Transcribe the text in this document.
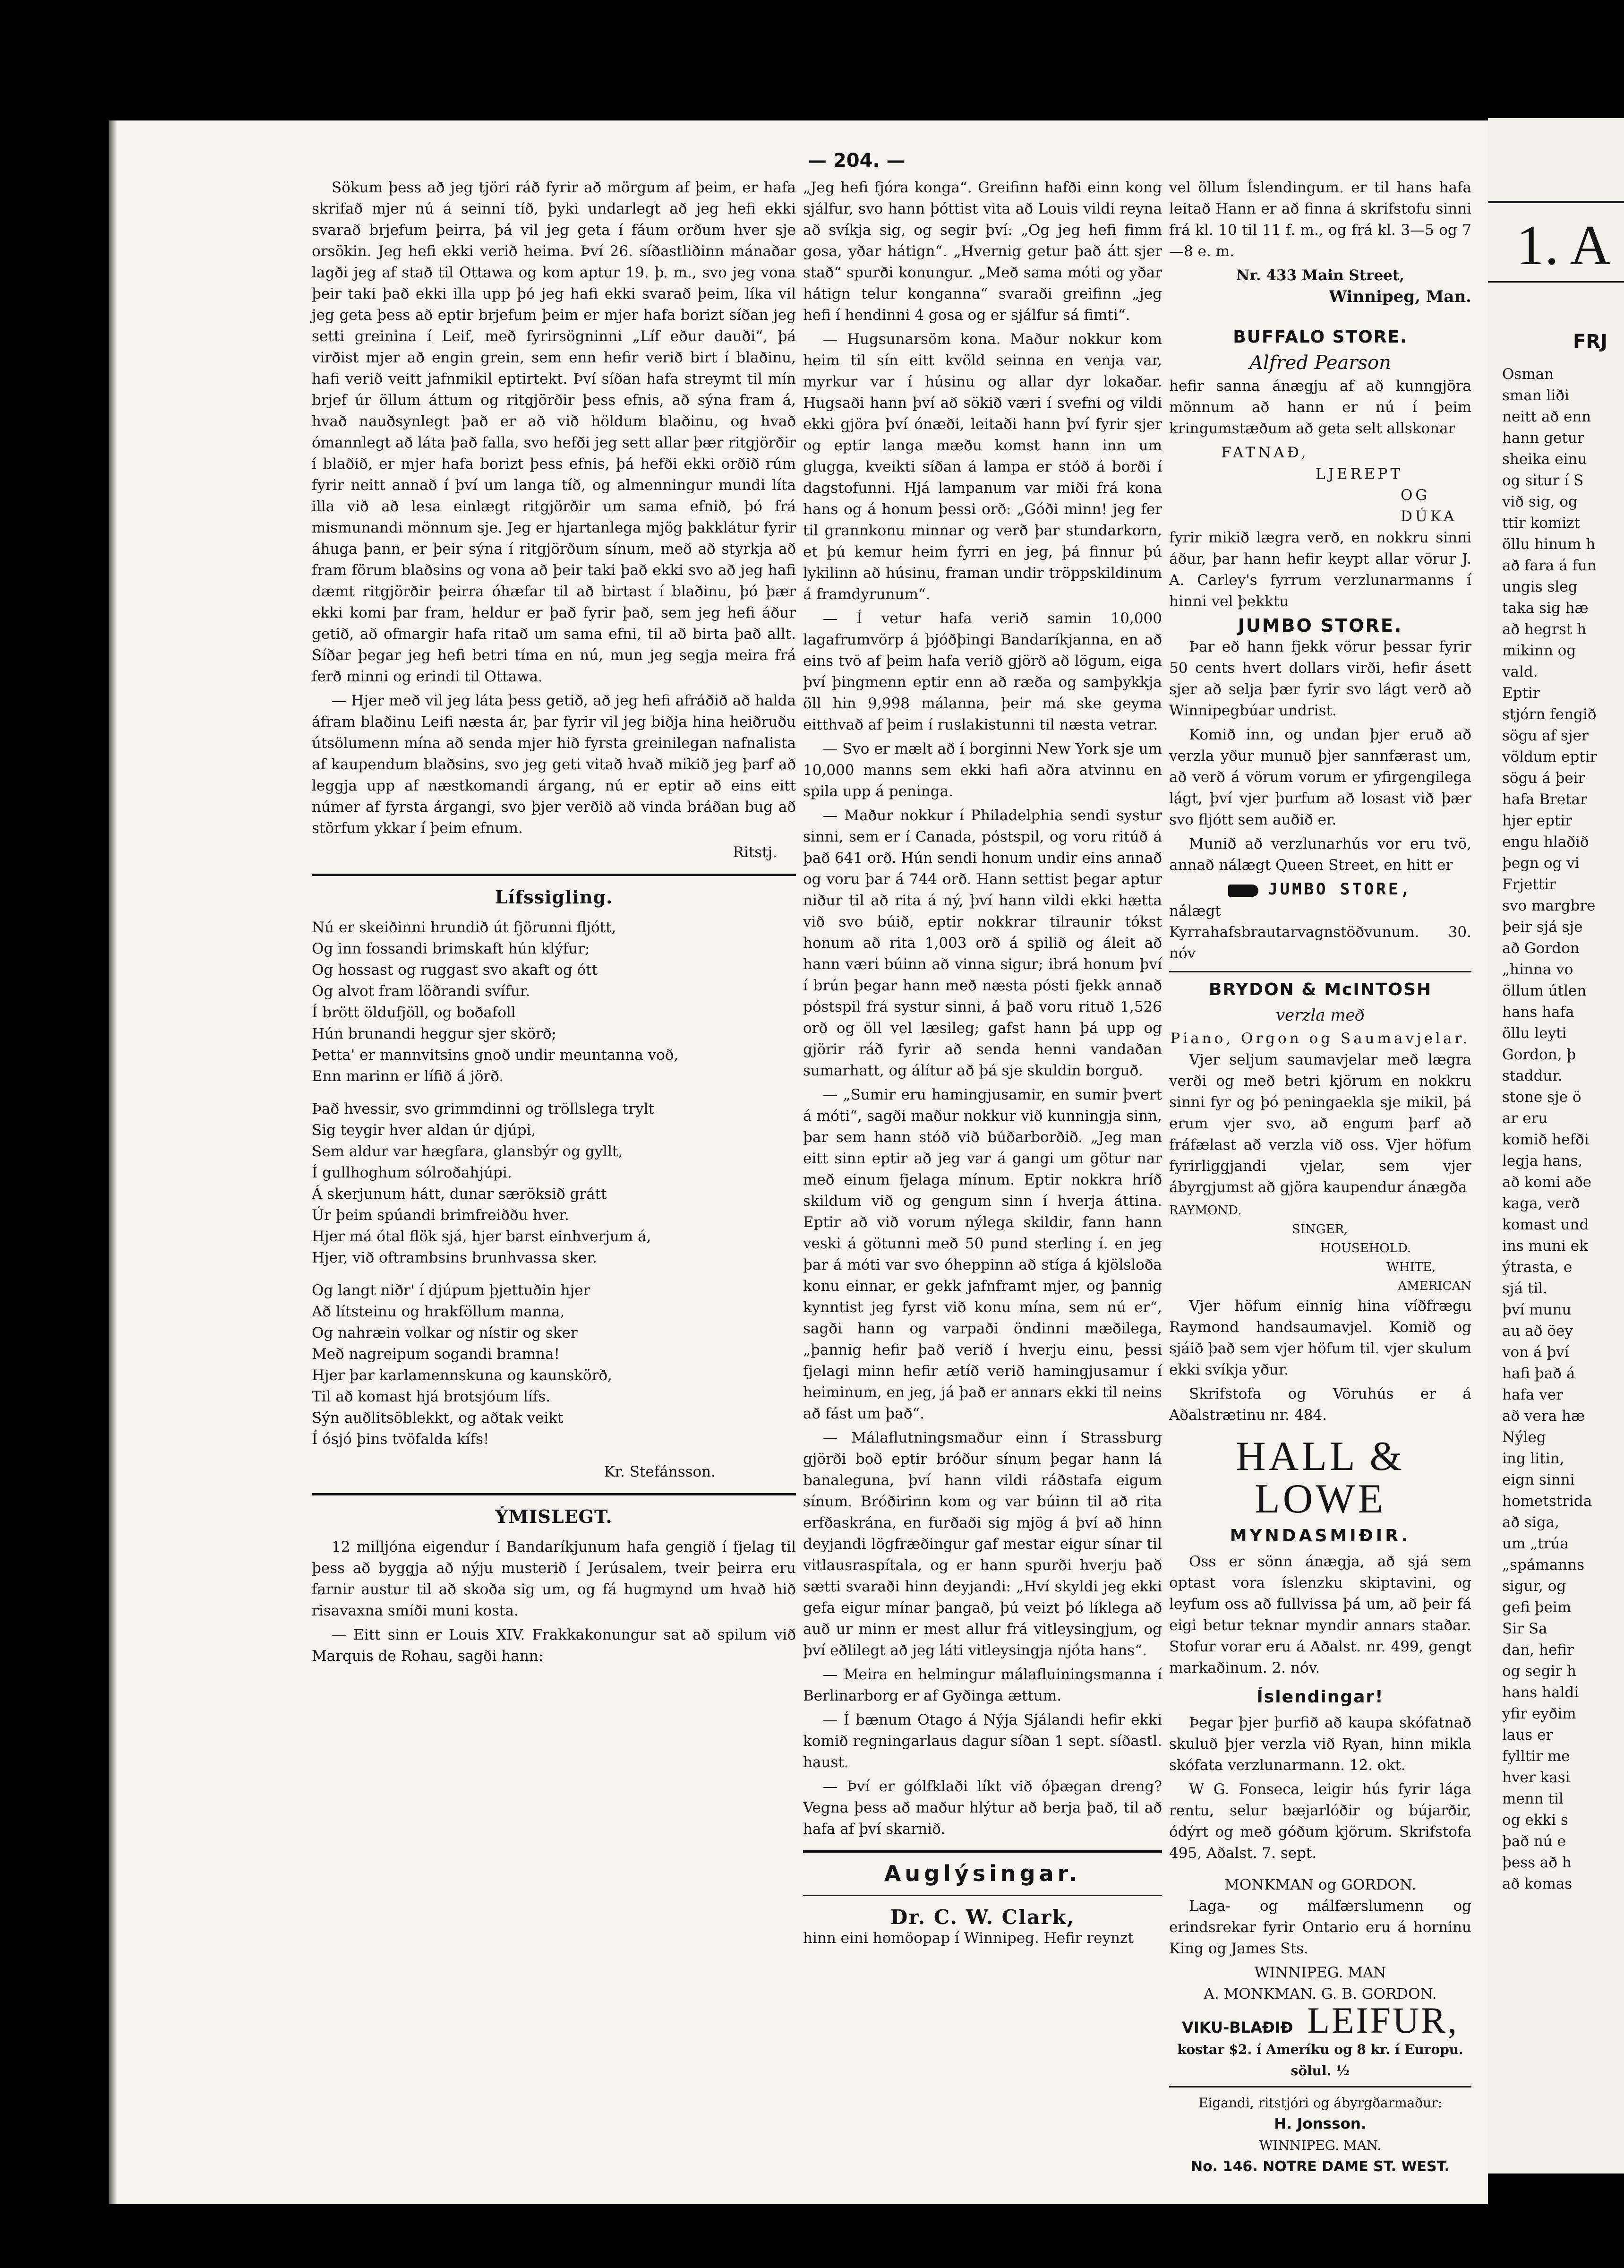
— 204. —

Sökum þess að jeg tjöri ráð fyrir að mörgum af þeim, er hafa skrifað mjer nú á seinni tíð, þyki undarlegt að jeg hefi ekki svarað brjefum þeirra, þá vil jeg geta í fáum orðum hver sje orsökin. Jeg hefi ekki verið heima. Því 26. síðastliðinn mánaðar lagði jeg af stað til Ottawa og kom aptur 19. þ. m., svo jeg vona þeir taki það ekki illa upp þó jeg hafi ekki svarað þeim, líka vil jeg geta þess að eptir brjefum þeim er mjer hafa borizt síðan jeg setti greinina í Leif, með fyrirsögninni „Líf eður dauði“, þá virðist mjer að engin grein, sem enn hefir verið birt í blaðinu, hafi verið veitt jafnmikil eptirtekt. Því síðan hafa streymt til mín brjef úr öllum áttum og ritgjörðir þess efnis, að sýna fram á, hvað nauðsynlegt það er að við höldum blaðinu, og hvað ómannlegt að láta það falla, svo hefði jeg sett allar þær ritgjörðir í blaðið, er mjer hafa borizt þess efnis, þá hefði ekki orðið rúm fyrir neitt annað í því um langa tíð, og almenningur mundi líta illa við að lesa einlægt ritgjörðir um sama efnið, þó frá mismunandi mönnum sje. Jeg er hjartanlega mjög þakklátur fyrir áhuga þann, er þeir sýna í ritgjörðum sínum, með að styrkja að fram förum blaðsins og vona að þeir taki það ekki svo að jeg hafi dæmt ritgjörðir þeirra óhæfar til að birtast í blaðinu, þó þær ekki komi þar fram, heldur er það fyrir það, sem jeg hefi áður getið, að ofmargir hafa ritað um sama efni, til að birta það allt. Síðar þegar jeg hefi betri tíma en nú, mun jeg segja meira frá ferð minni og erindi til Ottawa.

— Hjer með vil jeg láta þess getið, að jeg hefi afráðið að halda áfram blaðinu Leifi næsta ár, þar fyrir vil jeg biðja hina heiðruðu útsölumenn mína að senda mjer hið fyrsta greinilegan nafnalista af kaupendum blaðsins, svo jeg geti vitað hvað mikið jeg þarf að leggja upp af næstkomandi árgang, nú er eptir að eins eitt númer af fyrsta árgangi, svo þjer verðið að vinda bráðan bug að störfum ykkar í þeim efnum.

Ritstj.
Lífssigling.
Nú er skeiðinni hrundið út fjörunni fljótt,
Og inn fossandi brimskaft hún klýfur;
Og hossast og ruggast svo akaft og ótt
Og alvot fram löðrandi svífur.
Í brött öldufjöll, og boðafoll
Hún brunandi heggur sjer skörð;
Þetta' er mannvitsins gnoð undir meuntanna voð,
Enn marinn er lífið á jörð.
Það hvessir, svo grimmdinni og tröllslega trylt
Sig teygir hver aldan úr djúpi,
Sem aldur var hægfara, glansbýr og gyllt,
Í gullhoghum sólroðahjúpi.
Á skerjunum hátt, dunar særöksið grátt
Úr þeim spúandi brimfreiððu hver.
Hjer má ótal flök sjá, hjer barst einhverjum á,
Hjer, við oftrambsins brunhvassa sker.
Og langt niðr' í djúpum þjettuðin hjer
Að lítsteinu og hrakföllum manna,
Og nahræin volkar og nístir og sker
Með nagreipum sogandi bramna!
Hjer þar karlamennskuna og kaunskörð,
Til að komast hjá brotsjóum lífs.
Sýn auðlitsöblekkt, og aðtak veikt
Í ósjó þins tvöfalda kífs!
Kr. Stefánsson.
ÝMISLEGT.

12 milljóna eigendur í Bandaríkjunum hafa gengið í fjelag til þess að byggja að nýju musterið í Jerúsalem, tveir þeirra eru farnir austur til að skoða sig um, og fá hugmynd um hvað hið risavaxna smíði muni kosta.

— Eitt sinn er Louis XIV. Frakkakonungur sat að spilum við Marquis de Rohau, sagði hann:

„Jeg hefi fjóra konga“. Greifinn hafði einn kong sjálfur, svo hann þóttist vita að Louis vildi reyna að svíkja sig, og segir því: „Og jeg hefi fimm gosa, yðar hátign“. „Hvernig getur það átt sjer stað“ spurði konungur. „Með sama móti og yðar hátign telur konganna“ svaraði greifinn „jeg hefi í hendinni 4 gosa og er sjálfur sá fimti“.

— Hugsunarsöm kona. Maður nokkur kom heim til sín eitt kvöld seinna en venja var, myrkur var í húsinu og allar dyr lokaðar. Hugsaði hann því að sökið væri í svefni og vildi ekki gjöra því ónæði, leitaði hann því fyrir sjer og eptir langa mæðu komst hann inn um glugga, kveikti síðan á lampa er stóð á borði í dagstofunni. Hjá lampanum var miði frá kona hans og á honum þessi orð: „Góði minn! jeg fer til grannkonu minnar og verð þar stundarkorn, et þú kemur heim fyrri en jeg, þá finnur þú lykilinn að húsinu, framan undir tröppskildinum á framdyrunum“.

— Í vetur hafa verið samin 10,000 lagafrumvörp á þjóðþingi Bandaríkjanna, en að eins tvö af þeim hafa verið gjörð að lögum, eiga því þingmenn eptir enn að ræða og samþykkja öll hin 9,998 málanna, þeir má ske geyma eitthvað af þeim í ruslakistunni til næsta vetrar.

— Svo er mælt að í borginni New York sje um 10,000 manns sem ekki hafi aðra atvinnu en spila upp á peninga.

— Maður nokkur í Philadelphia sendi systur sinni, sem er í Canada, póstspil, og voru ritúð á það 641 orð. Hún sendi honum undir eins annað og voru þar á 744 orð. Hann settist þegar aptur niður til að rita á ný, því hann vildi ekki hætta við svo búið, eptir nokkrar tilraunir tókst honum að rita 1,003 orð á spilið og áleit að hann væri búinn að vinna sigur; ibrá honum því í brún þegar hann með næsta pósti fjekk annað póstspil frá systur sinni, á það voru rituð 1,526 orð og öll vel læsileg; gafst hann þá upp og gjörir ráð fyrir að senda henni vandaðan sumarhatt, og álítur að þá sje skuldin borguð.

— „Sumir eru hamingjusamir, en sumir þvert á móti“, sagði maður nokkur við kunningja sinn, þar sem hann stóð við búðarborðið. „Jeg man eitt sinn eptir að jeg var á gangi um götur nar með einum fjelaga mínum. Eptir nokkra hríð skildum við og gengum sinn í hverja áttina. Eptir að við vorum nýlega skildir, fann hann veski á götunni með 50 pund sterling í. en jeg þar á móti var svo óheppinn að stíga á kjölsloða konu einnar, er gekk jafnframt mjer, og þannig kynntist jeg fyrst við konu mína, sem nú er“, sagði hann og varpaði öndinni mæðilega, „þannig hefir það verið í hverju einu, þessi fjelagi minn hefir ætíð verið hamingjusamur í heiminum, en jeg, já það er annars ekki til neins að fást um það“.

— Málaflutningsmaður einn í Strassburg gjörði boð eptir bróður sínum þegar hann lá banaleguna, því hann vildi ráðstafa eigum sínum. Bróðirinn kom og var búinn til að rita erfðaskrána, en furðaði sig mjög á því að hinn deyjandi lögfræðingur gaf mestar eigur sínar til vitlausraspítala, og er hann spurði hverju það sætti svaraði hinn deyjandi: „Hví skyldi jeg ekki gefa eigur mínar þangað, þú veizt þó líklega að auð ur minn er mest allur frá vitleysingjum, og því eðlilegt að jeg láti vitleysingja njóta hans“.

— Meira en helmingur málafluiningsmanna í Berlinarborg er af Gyðinga ættum.

— Í bænum Otago á Nýja Sjálandi hefir ekki komið regningarlaus dagur síðan 1 sept. síðastl. haust.

— Því er gólfklaði líkt við óþægan dreng? Vegna þess að maður hlýtur að berja það, til að hafa af því skarnið.

Auglýsingar.
Dr. C. W. Clark,

hinn eini homöopap í Winnipeg. Hefir reynzt

vel öllum Íslendingum. er til hans hafa leitað Hann er að finna á skrifstofu sinni frá kl. 10 til 11 f. m., og frá kl. 3—5 og 7—8 e. m.

Nr. 433 Main Street,
Winnipeg, Man.
BUFFALO STORE.
Alfred Pearson

hefir sanna ánægju af að kunngjöra mönnum að hann er nú í þeim kringumstæðum að geta selt allskonar

FATNAÐ,
LJEREPT
OG DÚKA

fyrir mikið lægra verð, en nokkru sinni áður, þar hann hefir keypt allar vörur J. A. Carley's fyrrum verzlunarmanns í hinni vel þekktu

JUMBO STORE.

Þar eð hann fjekk vörur þessar fyrir 50 cents hvert dollars virði, hefir ásett sjer að selja þær fyrir svo lágt verð að Winnipegbúar undrist.

Komið inn, og undan þjer eruð að verzla yður munuð þjer sannfærast um, að verð á vörum vorum er yfirgengilega lágt, því vjer þurfum að losast við þær svo fljótt sem auðið er.

Munið að verzlunarhús vor eru tvö, annað nálægt Queen Street, en hitt er

JUMBO STORE,

nálægt Kyrrahafsbrautarvagnstöðvunum. 30. nóv

BRYDON & McINTOSH
verzla með
Piano, Orgon og Saumavjelar.

Vjer seljum saumavjelar með lægra verði og með betri kjörum en nokkru sinni fyr og þó peningaekla sje mikil, þá erum vjer svo, að engum þarf að fráfælast að verzla við oss. Vjer höfum fyrirliggjandi vjelar, sem vjer ábyrgjumst að gjöra kaupendur ánægða

RAYMOND.
SINGER,
HOUSEHOLD.
WHITE,
AMERICAN

Vjer höfum einnig hina víðfrægu Raymond handsaumavjel. Komið og sjáið það sem vjer höfum til. vjer skulum ekki svíkja yður.

Skrifstofa og Vöruhús er á Aðalstrætinu nr. 484.

HALL & LOWE
MYNDASMIÐIR.

Oss er sönn ánægja, að sjá sem optast vora íslenzku skiptavini, og leyfum oss að fullvissa þá um, að þeir fá eigi betur teknar myndir annars staðar. Stofur vorar eru á Aðalst. nr. 499, gengt markaðinum. 2. nóv.

Íslendingar!

Þegar þjer þurfið að kaupa skófatnað skuluð þjer verzla við Ryan, hinn mikla skófata verzlunarmann. 12. okt.

W G. Fonseca, leigir hús fyrir lága rentu, selur bæjarlóðir og bújarðir, ódýrt og með góðum kjörum. Skrifstofa 495, Aðalst. 7. sept.

MONKMAN og GORDON.

Laga- og málfærslumenn og erindsrekar fyrir Ontario eru á horninu King og James Sts.

WINNIPEG. MAN
A. MONKMAN. G. B. GORDON.
VIKU-BLAÐIÐ LEIFUR,
kostar $2. í Ameríku og 8 kr. í Europu. sölul. ½
Eigandi, ritstjóri og ábyrgðarmaður:
H. Jonsson.
WINNIPEG. MAN.
No. 146. NOTRE DAME ST. WEST.
1. A
FRJ
Osman
sman liði
neitt að enn
hann getur
sheika einu
og situr í S
við sig, og
ttir komizt
öllu hinum h
að fara á fun
ungis sleg
taka sig hæ
að hegrst h
mikinn og
vald.
Eptir
stjórn fengið
sögu af sjer
völdum eptir
sögu á þeir
hafa Bretar
hjer eptir
engu hlaðið
þegn og vi
Frjettir
svo margbre
þeir sjá sje
að Gordon
„hinna vo
öllum útlen
hans hafa
öllu leyti
Gordon, þ
staddur.
stone sje ö
ar eru
komið hefði
legja hans,
að komi aðe
kaga, verð
komast und
ins muni ek
ýtrasta, e
sjá til.
því munu
au að öey
von á því
hafi það á
hafa ver
að vera hæ
Nýleg
ing litin,
eign sinni
hometstrida
að siga,
um „trúa
„spámanns
sigur, og
gefi þeim
Sir Sa
dan, hefir
og segir h
hans haldi
yfir eyðim
laus er
fylltir me
hver kasi
menn til
og ekki s
það nú e
þess að h
að komas
